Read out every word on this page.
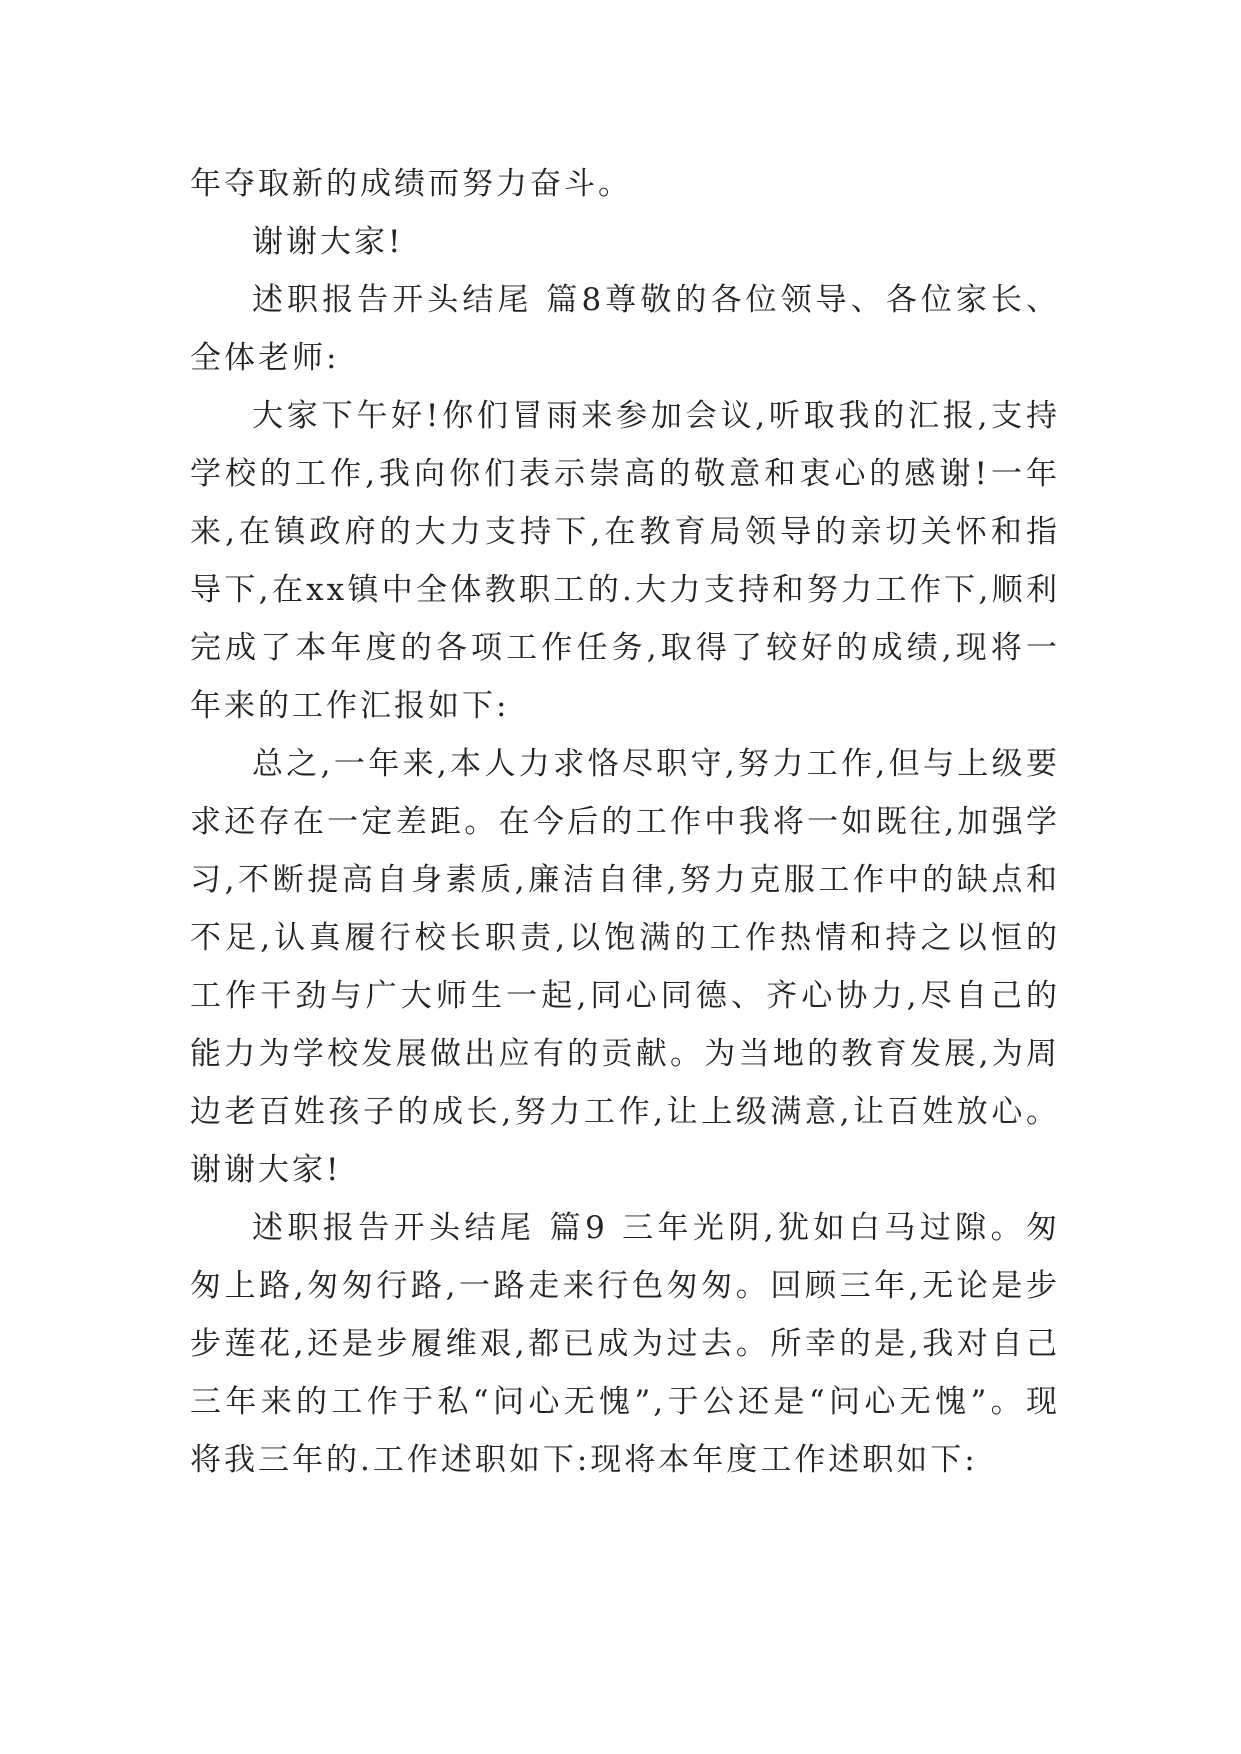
年夺取新的成绩而努力奋斗。

谢谢大家!

述职报告开头结尾 篇8尊敬的各位领导、各位家长、全体老师:

大家下午好!你们冒雨来参加会议,听取我的汇报,支持学校的工作,我向你们表示崇高的敬意和衷心的感谢!一年来,在镇政府的大力支持下,在教育局领导的亲切关怀和指导下,在xx镇中全体教职工的.大力支持和努力工作下,顺利完成了本年度的各项工作任务,取得了较好的成绩,现将一年来的工作汇报如下:

总之,一年来,本人力求恪尽职守,努力工作,但与上级要求还存在一定差距。在今后的工作中我将一如既往,加强学习,不断提高自身素质,廉洁自律,努力克服工作中的缺点和不足,认真履行校长职责,以饱满的工作热情和持之以恒的工作干劲与广大师生一起,同心同德、齐心协力,尽自己的能力为学校发展做出应有的贡献。为当地的教育发展,为周边老百姓孩子的成长,努力工作,让上级满意,让百姓放心。谢谢大家!

述职报告开头结尾 篇9 三年光阴,犹如白马过隙。匆匆上路,匆匆行路,一路走来行色匆匆。回顾三年,无论是步步莲花,还是步履维艰,都已成为过去。所幸的是,我对自己三年来的工作于私“问心无愧”,于公还是“问心无愧”。现将我三年的.工作述职如下:现将本年度工作述职如下:
